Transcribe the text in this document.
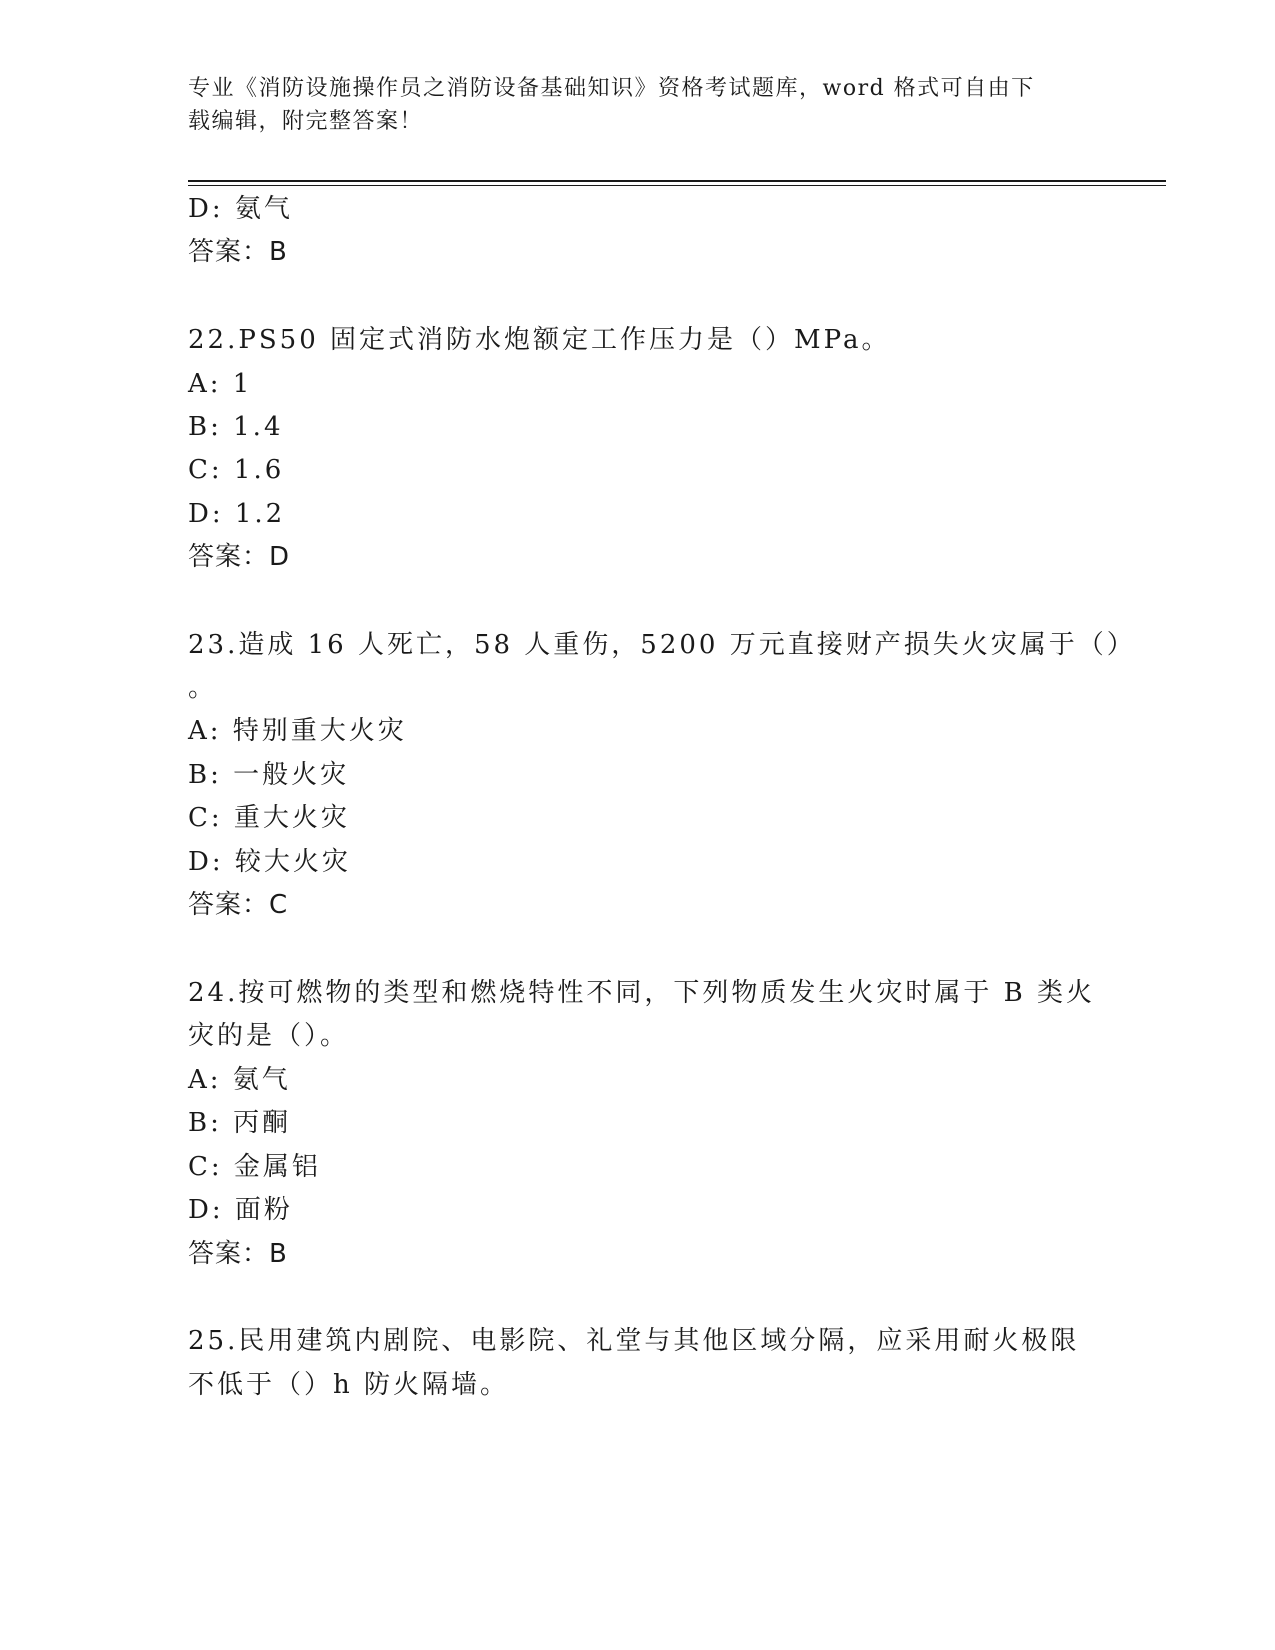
专业《消防设施操作员之消防设备基础知识》资格考试题库，word 格式可自由下
载编辑，附完整答案！
D: 氨气
答案：B
22.PS50 固定式消防水炮额定工作压力是（）MPa。
A: 1
B: 1.4
C: 1.6
D: 1.2
答案：D
23.造成 16 人死亡，58 人重伤，5200 万元直接财产损失火灾属于（）
。
A: 特别重大火灾
B: 一般火灾
C: 重大火灾
D: 较大火灾
答案：C
24.按可燃物的类型和燃烧特性不同，下列物质发生火灾时属于 B 类火
灾的是（）。
A: 氨气
B: 丙酮
C: 金属铝
D: 面粉
答案：B
25.民用建筑内剧院、电影院、礼堂与其他区域分隔，应采用耐火极限
不低于（）h 防火隔墙。
